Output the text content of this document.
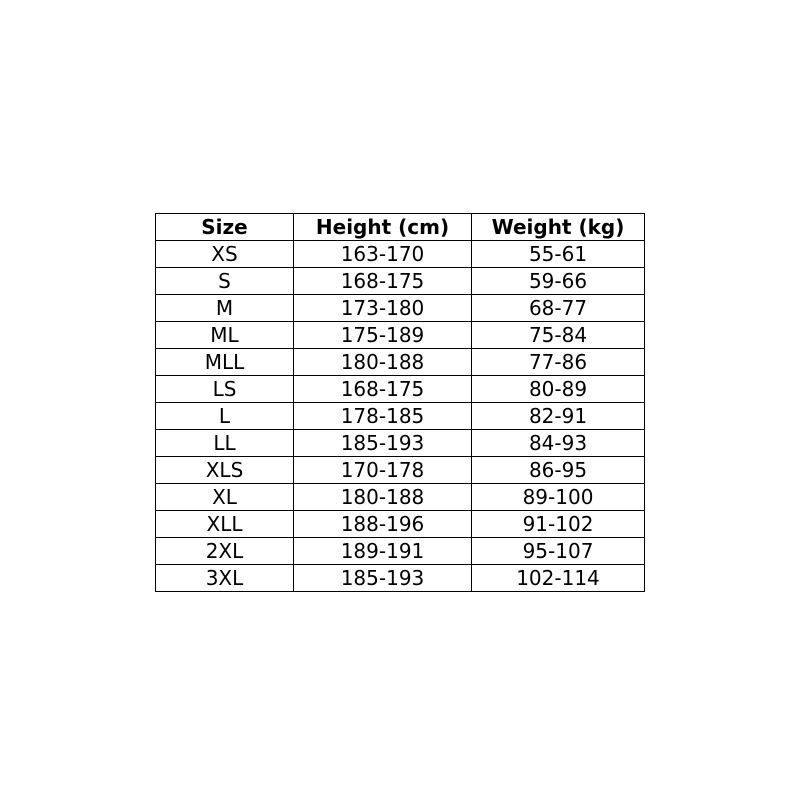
Size	Height (cm)	Weight (kg)
XS	163-170	55-61
S	168-175	59-66
M	173-180	68-77
ML	175-189	75-84
MLL	180-188	77-86
LS	168-175	80-89
L	178-185	82-91
LL	185-193	84-93
XLS	170-178	86-95
XL	180-188	89-100
XLL	188-196	91-102
2XL	189-191	95-107
3XL	185-193	102-114
